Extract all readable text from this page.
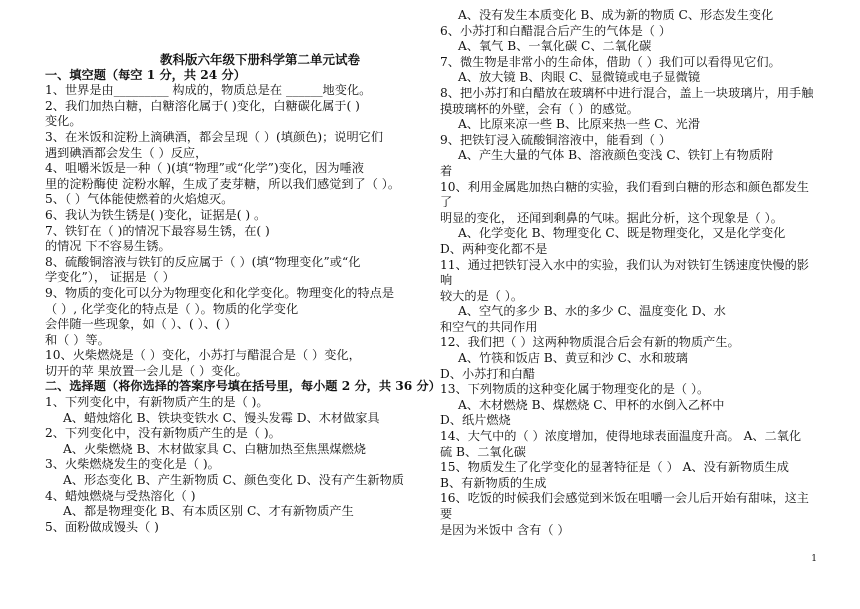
教科版六年级下册科学第二单元试卷
一、填空题（每空 1 分，共 24 分）
1、世界是由_________ 构成的，物质总是在 ______地变化。
2、我们加热白糖，白糖溶化属于( )变化，白糖碳化属于( )
变化。
3、在米饭和淀粉上滴碘酒，都会呈现（ ）(填颜色)；说明它们
遇到碘酒都会发生（ ）反应，
4、咀嚼米饭是一种（ )(填“物理”或“化学”)变化，因为唾液
里的淀粉酶使 淀粉水解，生成了麦芽糖，所以我们感觉到了（ ）。
5、（ ）气体能使燃着的火焰熄灭。
6、我认为铁生锈是( )变化，证据是( ) 。
7、铁钉在（ )的情况下最容易生锈，在( )
的情况 下不容易生锈。
8、硫酸铜溶液与铁钉的反应属于（ ）(填“物理变化”或“化
学变化”）， 证据是（ ）
9、物质的变化可以分为物理变化和化学变化。物理变化的特点是
（ ）, 化学变化的特点是（ ）。物质的化学变化
会伴随一些现象，如（ ）、( ）、( ）
和（ ）等。
10、火柴燃烧是（ ）变化，小苏打与醋混合是（ ）变化，
切开的苹 果放置一会儿是（ ）变化。
二、选择题（将你选择的答案序号填在括号里，每小题 2 分，共 36 分）
1、下列变化中，有新物质产生的是（ )。
A、蜡烛熔化 B、铁块变铁水 C、馒头发霉 D、木材做家具
2、下列变化中，没有新物质产生的是（ )。
A、火柴燃烧 B、木材做家具 C、白糖加热至焦黑煤燃烧
3、火柴燃烧发生的变化是（ )。
A、形态变化 B、产生新物质 C、颜色变化 D、没有产生新物质
4、蜡烛燃烧与受热溶化（ )
A、都是物理变化 B、有本质区别 C、才有新物质产生
5、面粉做成馒头（ )
A、没有发生本质变化 B、成为新的物质 C、形态发生变化
6、小苏打和白醋混合后产生的气体是（ ）
A、氧气 B、一氧化碳 C、二氧化碳
7、微生物是非常小的生命体，借助（ ）我们可以看得见它们。
A、放大镜 B、肉眼 C、显微镜或电子显微镜
8、把小苏打和白醋放在玻璃杯中进行混合，盖上一块玻璃片，用手触
摸玻璃杯的外壁，会有（ ）的感觉。
A、比原来凉一些 B、比原来热一些 C、光滑
9、把铁钉浸入硫酸铜溶液中，能看到（ ）
A、产生大量的气体 B、溶液颜色变浅 C、铁钉上有物质附
着
10、利用金属匙加热白糖的实验，我们看到白糖的形态和颜色都发生了
明显的变化， 还闻到剩鼻的气味。据此分析，这个现象是（ ）。
A、化学变化 B、物理变化 C、既是物理变化，又是化学变化
D、两种变化都不是
11、通过把铁钉浸入水中的实验，我们认为对铁钉生锈速度快慢的影响
较大的是（ ）。
A、空气的多少 B、水的多少 C、温度变化 D、水
和空气的共同作用
12、我们把（ ）这两种物质混合后会有新的物质产生。
A、竹筷和饭店 B、黄豆和沙 C、水和玻璃
D、小苏打和白醋
13、下列物质的这种变化属于物理变化的是（ ）。
A、木材燃烧 B、煤燃烧 C、甲杯的水倒入乙杯中
D、纸片燃烧
14、大气中的（ ）浓度增加，使得地球表面温度升高。 A、二氧化
硫 B、二氧化碳
15、物质发生了化学变化的显著特征是（ ） A、没有新物质生成
B、有新物质的生成
16、吃饭的时候我们会感觉到米饭在咀嚼一会儿后开始有甜味，这主要
是因为米饭中 含有（ ）
1
